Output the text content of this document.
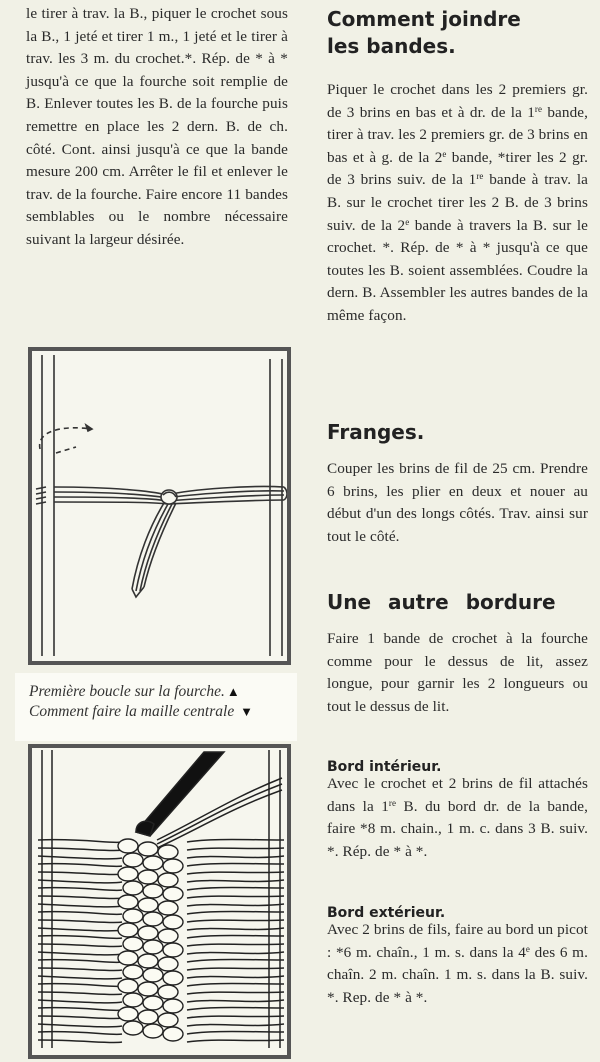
le tirer à trav. la B., piquer le crochet sous la B., 1 jeté et tirer 1 m., 1 jeté et le tirer à trav. les 3 m. du crochet.*. Rép. de * à * jusqu'à ce que la fourche soit remplie de B. Enlever toutes les B. de la fourche puis remettre en place les 2 dern. B. de ch. côté. Cont. ainsi jusqu'à ce que la bande mesure 200 cm. Arrêter le fil et enlever le trav. de la fourche. Faire encore 11 bandes semblables ou le nombre nécessaire suivant la largeur désirée.

Première boucle sur la fourche. ▲
Comment faire la maille centrale ▼
Comment joindre
les bandes.

Piquer le crochet dans les 2 premiers gr. de 3 brins en bas et à dr. de la 1re bande, tirer à trav. les 2 premiers gr. de 3 brins en bas et à g. de la 2e bande, *tirer les 2 gr. de 3 brins suiv. de la 1re bande à trav. la B. sur le crochet tirer les 2 B. de 3 brins suiv. de la 2e bande à travers la B. sur le crochet. *. Rép. de * à * jusqu'à ce que toutes les B. soient assemblées. Coudre la dern. B. Assembler les autres bandes de la même façon.

Franges.

Couper les brins de fil de 25 cm. Prendre 6 brins, les plier en deux et nouer au début d'un des longs côtés. Trav. ainsi sur tout le côté.

Une autre bordure

Faire 1 bande de crochet à la fourche comme pour le dessus de lit, assez longue, pour garnir les 2 longueurs ou tout le dessus de lit.

Bord intérieur.

Avec le crochet et 2 brins de fil attachés dans la 1re B. du bord dr. de la bande, faire *8 m. chain., 1 m. c. dans 3 B. suiv. *. Rép. de * à *.

Bord extérieur.

Avec 2 brins de fils, faire au bord un picot : *6 m. chaîn., 1 m. s. dans la 4e des 6 m. chaîn. 2 m. chaîn. 1 m. s. dans la B. suiv. *. Rep. de * à *.
